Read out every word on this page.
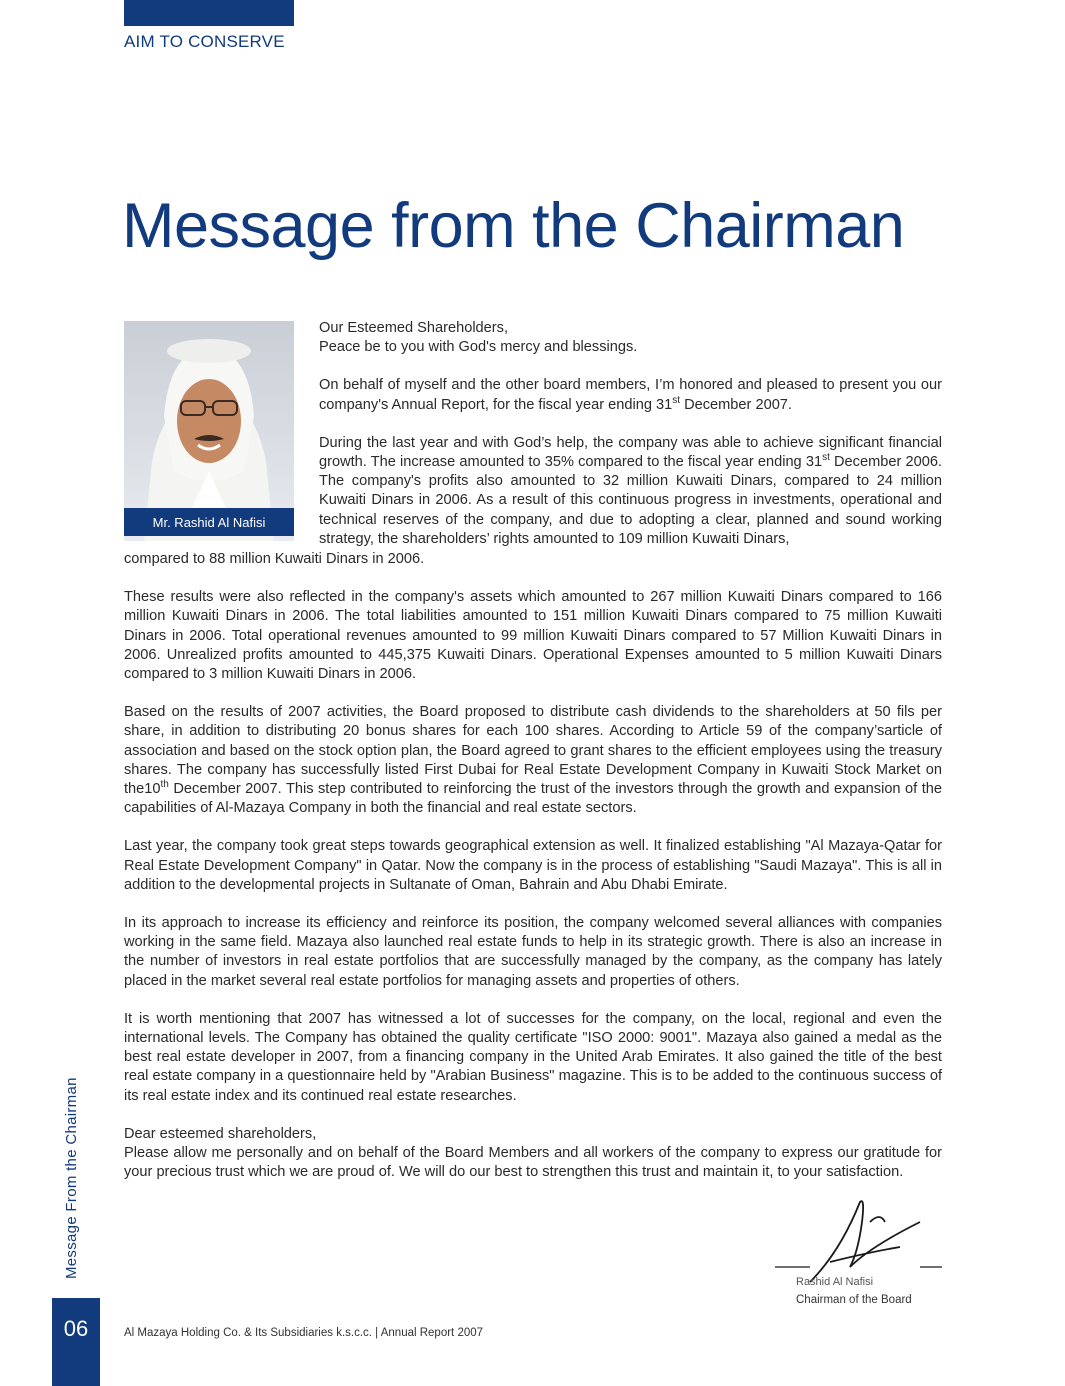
AIM TO CONSERVE
Message from the Chairman
Mr. Rashid Al Nafisi

Our Esteemed Shareholders,
Peace be to you with God's mercy and blessings.

On behalf of myself and the other board members, I’m honored and pleased to present you our company's Annual Report, for the fiscal year ending 31st December 2007.

During the last year and with God’s help, the company was able to achieve significant financial growth. The increase amounted to 35% compared to the fiscal year ending 31st December 2006. The company's profits also amounted to 32 million Kuwaiti Dinars, compared to 24 million Kuwaiti Dinars in 2006. As a result of this continuous progress in investments, operational and technical reserves of the company, and due to adopting a clear, planned and sound working strategy, the shareholders’ rights amounted to 109 million Kuwaiti Dinars,

compared to 88 million Kuwaiti Dinars in 2006.

These results were also reflected in the company's assets which amounted to 267 million Kuwaiti Dinars compared to 166 million Kuwaiti Dinars in 2006. The total liabilities amounted to 151 million Kuwaiti Dinars compared to 75 million Kuwaiti Dinars in 2006. Total operational revenues amounted to 99 million Kuwaiti Dinars compared to 57 Million Kuwaiti Dinars in 2006. Unrealized profits amounted to 445,375 Kuwaiti Dinars. Operational Expenses amounted to 5 million Kuwaiti Dinars compared to 3 million Kuwaiti Dinars in 2006.

Based on the results of 2007 activities, the Board proposed to distribute cash dividends to the shareholders at 50 fils per share, in addition to distributing 20 bonus shares for each 100 shares. According to Article 59 of the company’sarticle of association and based on the stock option plan, the Board agreed to grant shares to the efficient employees using the treasury shares. The company has successfully listed First Dubai for Real Estate Development Company in Kuwaiti Stock Market on the10th December 2007. This step contributed to reinforcing the trust of the investors through the growth and expansion of the capabilities of Al-Mazaya Company in both the financial and real estate sectors.

Last year, the company took great steps towards geographical extension as well. It finalized establishing "Al Mazaya-Qatar for Real Estate Development Company" in Qatar. Now the company is in the process of establishing "Saudi Mazaya". This is all in addition to the developmental projects in Sultanate of Oman, Bahrain and Abu Dhabi Emirate.

In its approach to increase its efficiency and reinforce its position, the company welcomed several alliances with companies working in the same field. Mazaya also launched real estate funds to help in its strategic growth. There is also an increase in the number of investors in real estate portfolios that are successfully managed by the company, as the company has lately placed in the market several real estate portfolios for managing assets and properties of others.

It is worth mentioning that 2007 has witnessed a lot of successes for the company, on the local, regional and even the international levels. The Company has obtained the quality certificate "ISO 2000: 9001". Mazaya also gained a medal as the best real estate developer in 2007, from a financing company in the United Arab Emirates. It also gained the title of the best real estate company in a questionnaire held by "Arabian Business" magazine. This is to be added to the continuous success of its real estate index and its continued real estate researches.

Dear esteemed shareholders,
Please allow me personally and on behalf of the Board Members and all workers of the company to express our gratitude for your precious trust which we are proud of. We will do our best to strengthen this trust and maintain it, to your satisfaction.

Rashid Al Nafisi
Chairman of the Board
Message From the Chairman
06	Al Mazaya Holding Co. & Its Subsidiaries k.s.c.c. | Annual Report 2007
